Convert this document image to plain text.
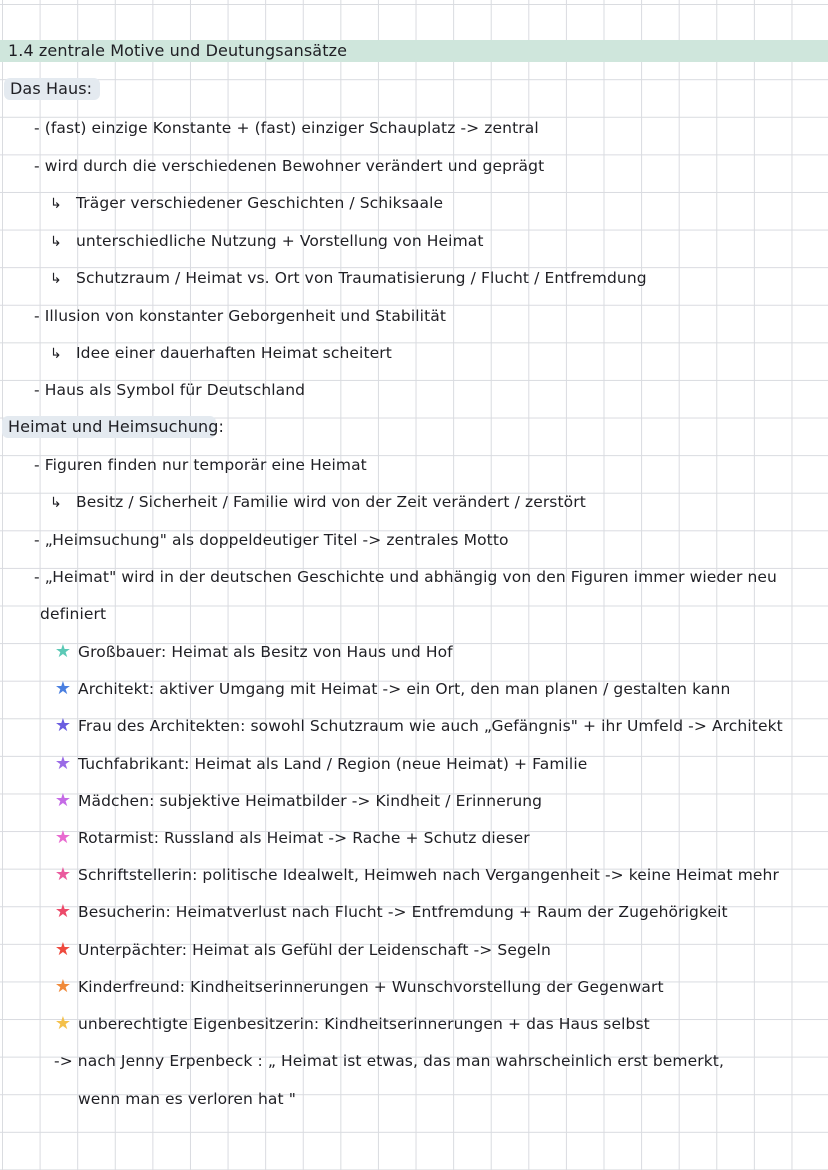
1.4 zentrale Motive und Deutungsansätze
Das Haus:
- (fast) einzige Konstante + (fast) einziger Schauplatz -> zentral
- wird durch die verschiedenen Bewohner verändert und geprägt
↳ Träger verschiedener Geschichten / Schiksaale
↳ unterschiedliche Nutzung + Vorstellung von Heimat
↳ Schutzraum / Heimat vs. Ort von Traumatisierung / Flucht / Entfremdung
- Illusion von konstanter Geborgenheit und Stabilität
↳ Idee einer dauerhaften Heimat scheitert
- Haus als Symbol für Deutschland
Heimat und Heimsuchung:
- Figuren finden nur temporär eine Heimat
↳ Besitz / Sicherheit / Familie wird von der Zeit verändert / zerstört
- „Heimsuchung" als doppeldeutiger Titel -> zentrales Motto
- „Heimat" wird in der deutschen Geschichte und abhängig von den Figuren immer wieder neu
definiert
★ Großbauer: Heimat als Besitz von Haus und Hof
★ Architekt: aktiver Umgang mit Heimat -> ein Ort, den man planen / gestalten kann
★ Frau des Architekten: sowohl Schutzraum wie auch „Gefängnis" + ihr Umfeld -> Architekt
★ Tuchfabrikant: Heimat als Land / Region (neue Heimat) + Familie
★ Mädchen: subjektive Heimatbilder -> Kindheit / Erinnerung
★ Rotarmist: Russland als Heimat -> Rache + Schutz dieser
★ Schriftstellerin: politische Idealwelt, Heimweh nach Vergangenheit -> keine Heimat mehr
★ Besucherin: Heimatverlust nach Flucht -> Entfremdung + Raum der Zugehörigkeit
★ Unterpächter: Heimat als Gefühl der Leidenschaft -> Segeln
★ Kinderfreund: Kindheitserinnerungen + Wunschvorstellung der Gegenwart
★ unberechtigte Eigenbesitzerin: Kindheitserinnerungen + das Haus selbst
-> nach Jenny Erpenbeck : „ Heimat ist etwas, das man wahrscheinlich erst bemerkt,
wenn man es verloren hat "
